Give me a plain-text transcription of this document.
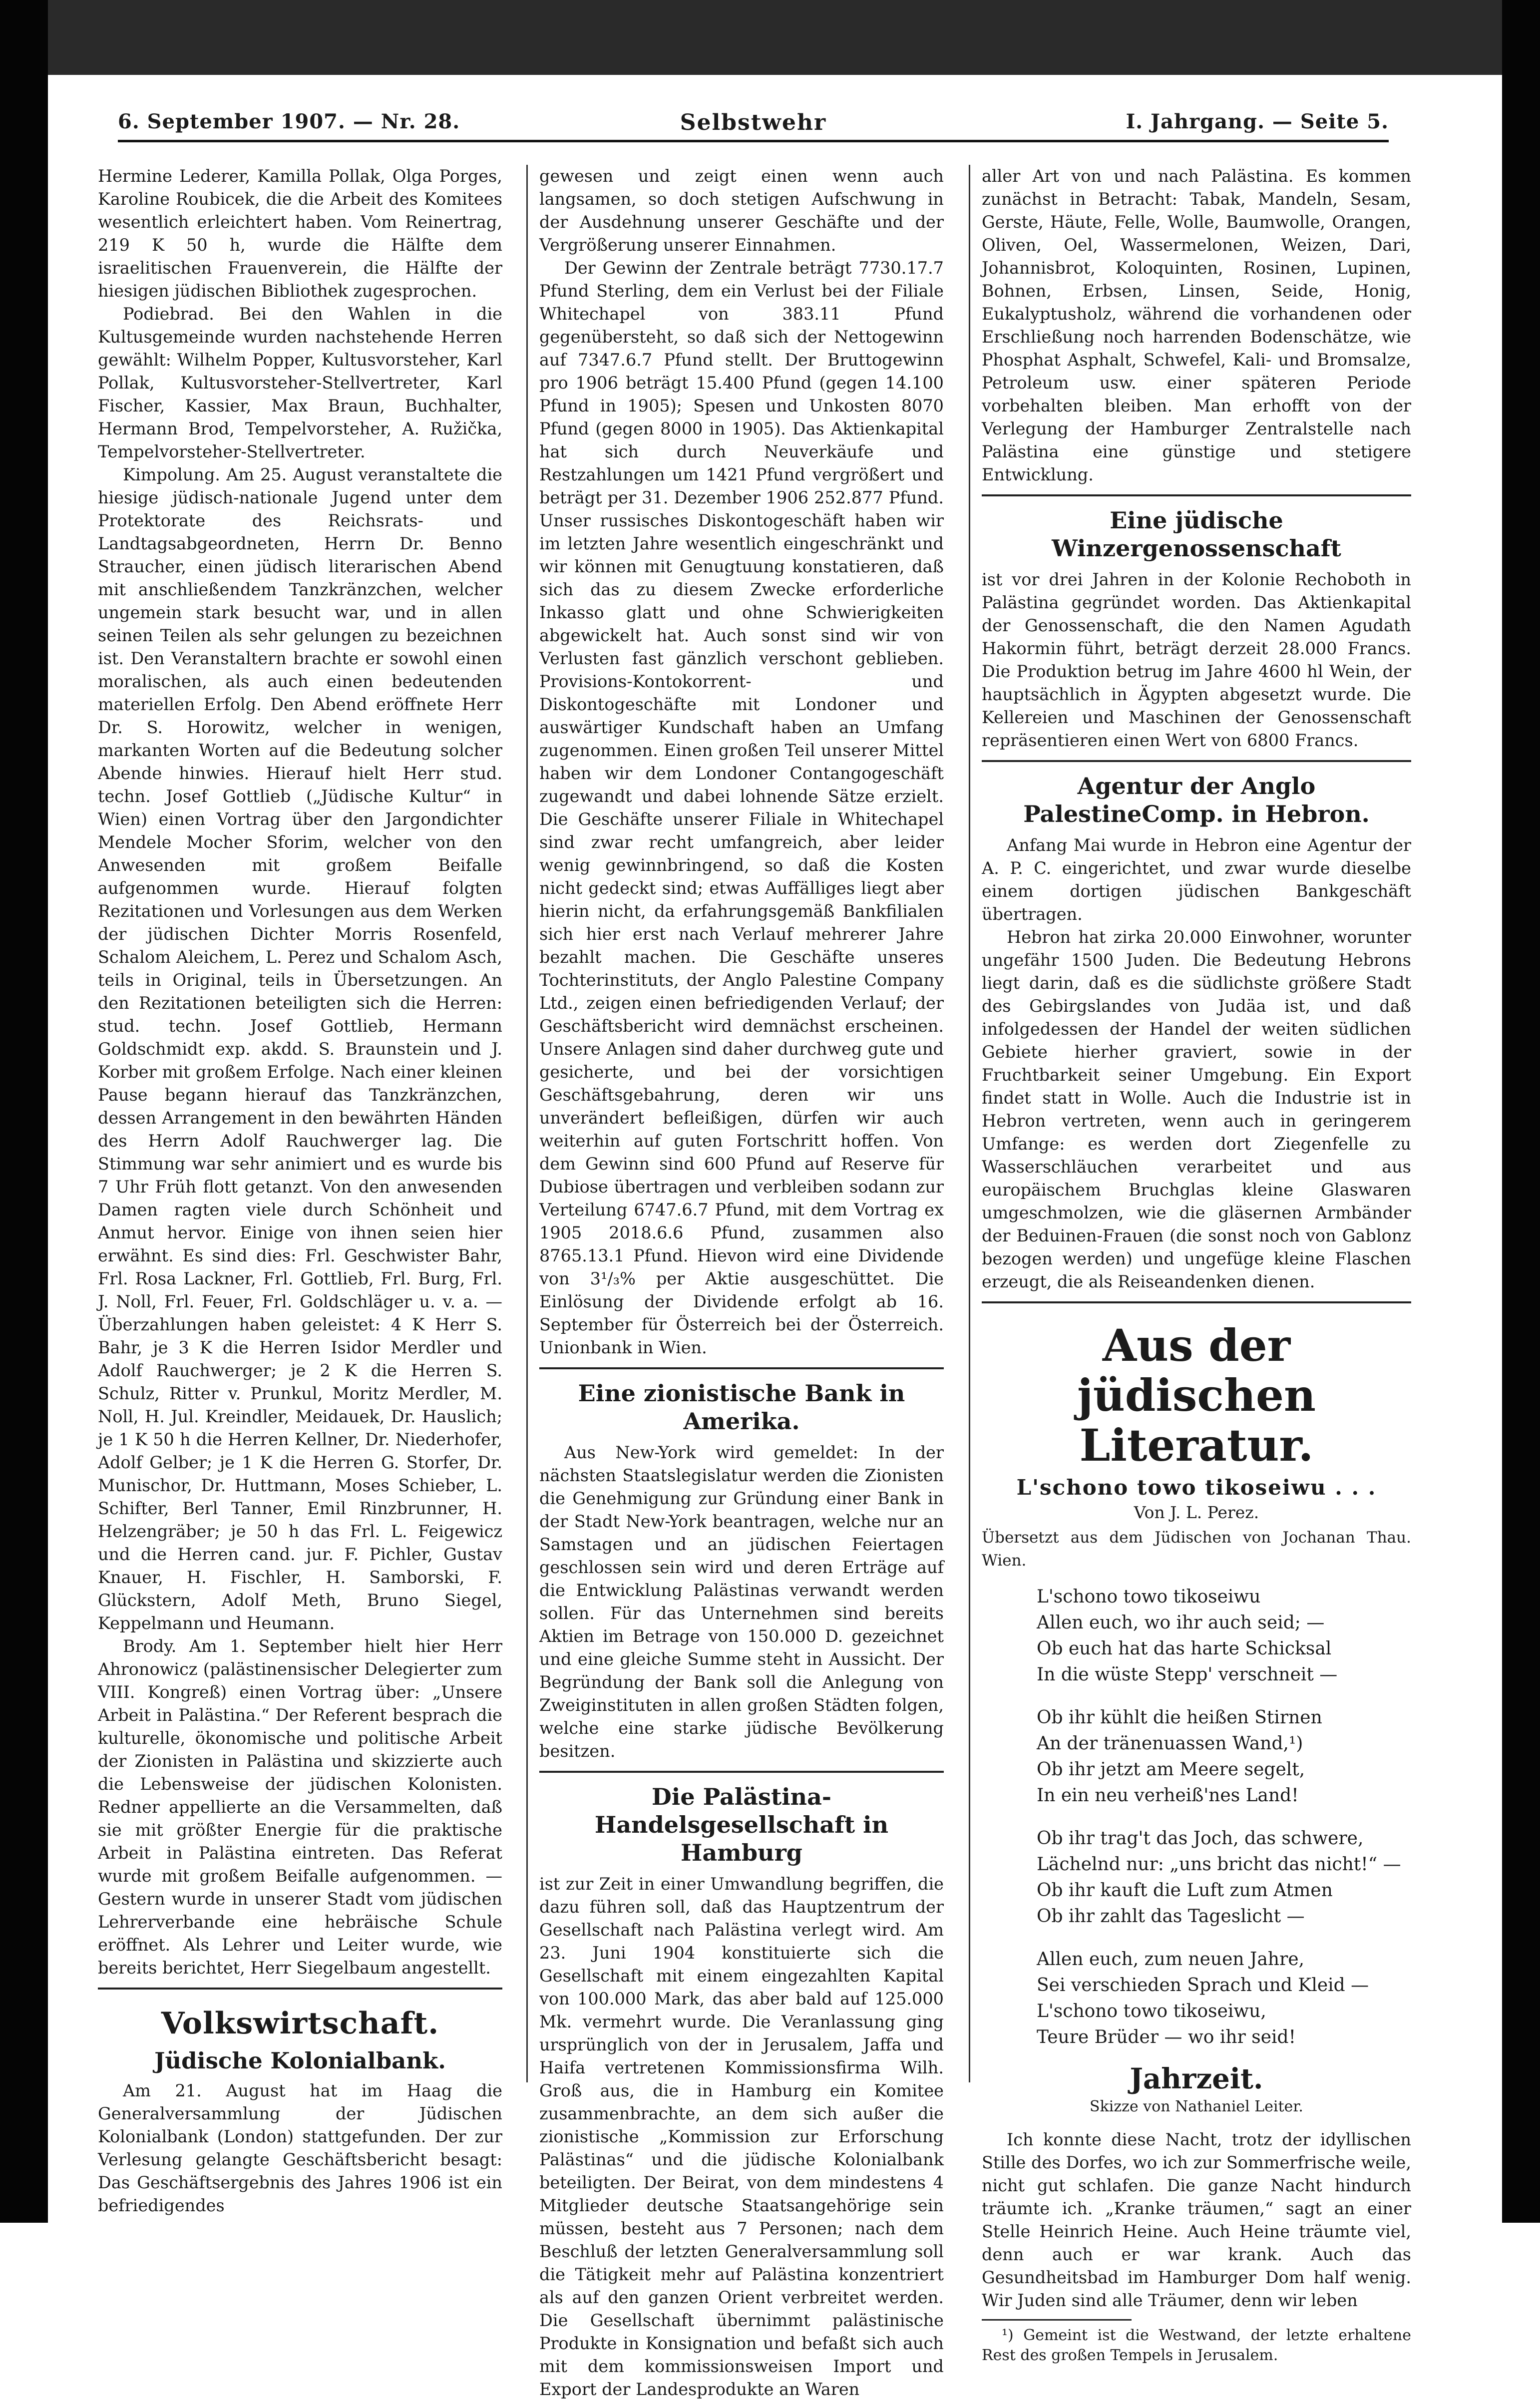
6. September 1907. — Nr. 28.	Selbstwehr	I. Jahrgang. — Seite 5.

Hermine Lederer, Kamilla Pollak, Olga Porges, Karoline Roubicek, die die Arbeit des Komitees wesentlich erleichtert haben. Vom Reinertrag, 219 K 50 h, wurde die Hälfte dem israelitischen Frauenverein, die Hälfte der hiesigen jüdischen Bibliothek zugesprochen.

Podiebrad. Bei den Wahlen in die Kultusgemeinde wurden nachstehende Herren gewählt: Wilhelm Popper, Kultusvorsteher, Karl Pollak, Kultusvorsteher-Stellvertreter, Karl Fischer, Kassier, Max Braun, Buchhalter, Hermann Brod, Tempelvorsteher, A. Ružička, Tempelvorsteher-Stellvertreter.

Kimpolung. Am 25. August veranstaltete die hiesige jüdisch-nationale Jugend unter dem Protektorate des Reichsrats- und Landtagsabgeordneten, Herrn Dr. Benno Straucher, einen jüdisch literarischen Abend mit anschließendem Tanzkränzchen, welcher ungemein stark besucht war, und in allen seinen Teilen als sehr gelungen zu bezeichnen ist. Den Veranstaltern brachte er sowohl einen moralischen, als auch einen bedeutenden materiellen Erfolg. Den Abend eröffnete Herr Dr. S. Horowitz, welcher in wenigen, markanten Worten auf die Bedeutung solcher Abende hinwies. Hierauf hielt Herr stud. techn. Josef Gottlieb („Jüdische Kultur“ in Wien) einen Vortrag über den Jargondichter Mendele Mocher Sforim, welcher von den Anwesenden mit großem Beifalle aufgenommen wurde. Hierauf folgten Rezitationen und Vorlesungen aus dem Werken der jüdischen Dichter Morris Rosenfeld, Schalom Aleichem, L. Perez und Schalom Asch, teils in Original, teils in Übersetzungen. An den Rezitationen beteiligten sich die Herren: stud. techn. Josef Gottlieb, Hermann Goldschmidt exp. akdd. S. Braunstein und J. Korber mit großem Erfolge. Nach einer kleinen Pause begann hierauf das Tanzkränzchen, dessen Arrangement in den bewährten Händen des Herrn Adolf Rauchwerger lag. Die Stimmung war sehr animiert und es wurde bis 7 Uhr Früh flott getanzt. Von den anwesenden Damen ragten viele durch Schönheit und Anmut hervor. Einige von ihnen seien hier erwähnt. Es sind dies: Frl. Geschwister Bahr, Frl. Rosa Lackner, Frl. Gottlieb, Frl. Burg, Frl. J. Noll, Frl. Feuer, Frl. Goldschläger u. v. a. — Überzahlungen haben geleistet: 4 K Herr S. Bahr, je 3 K die Herren Isidor Merdler und Adolf Rauchwerger; je 2 K die Herren S. Schulz, Ritter v. Prunkul, Moritz Merdler, M. Noll, H. Jul. Kreindler, Meidauek, Dr. Hauslich; je 1 K 50 h die Herren Kellner, Dr. Niederhofer, Adolf Gelber; je 1 K die Herren G. Storfer, Dr. Munischor, Dr. Huttmann, Moses Schieber, L. Schifter, Berl Tanner, Emil Rinzbrunner, H. Helzengräber; je 50 h das Frl. L. Feigewicz und die Herren cand. jur. F. Pichler, Gustav Knauer, H. Fischler, H. Samborski, F. Glückstern, Adolf Meth, Bruno Siegel, Keppelmann und Heumann.

Brody. Am 1. September hielt hier Herr Ahronowicz (palästinensischer Delegierter zum VIII. Kongreß) einen Vortrag über: „Unsere Arbeit in Palästina.“ Der Referent besprach die kulturelle, ökonomische und politische Arbeit der Zionisten in Palästina und skizzierte auch die Lebensweise der jüdischen Kolonisten. Redner appellierte an die Versammelten, daß sie mit größter Energie für die praktische Arbeit in Palästina eintreten. Das Referat wurde mit großem Beifalle aufgenommen. — Gestern wurde in unserer Stadt vom jüdischen Lehrerverbande eine hebräische Schule eröffnet. Als Lehrer und Leiter wurde, wie bereits berichtet, Herr Siegelbaum angestellt.

Volkswirtschaft.
Jüdische Kolonialbank.

Am 21. August hat im Haag die Generalversammlung der Jüdischen Kolonialbank (London) stattgefunden. Der zur Verlesung gelangte Geschäftsbericht besagt: Das Geschäftsergebnis des Jahres 1906 ist ein befriedigendes

gewesen und zeigt einen wenn auch langsamen, so doch stetigen Aufschwung in der Ausdehnung unserer Geschäfte und der Vergrößerung unserer Einnahmen.

Der Gewinn der Zentrale beträgt 7730.17.7 Pfund Sterling, dem ein Verlust bei der Filiale Whitechapel von 383.11 Pfund gegenübersteht, so daß sich der Nettogewinn auf 7347.6.7 Pfund stellt. Der Bruttogewinn pro 1906 beträgt 15.400 Pfund (gegen 14.100 Pfund in 1905); Spesen und Unkosten 8070 Pfund (gegen 8000 in 1905). Das Aktienkapital hat sich durch Neuverkäufe und Restzahlungen um 1421 Pfund vergrößert und beträgt per 31. Dezember 1906 252.877 Pfund. Unser russisches Diskontogeschäft haben wir im letzten Jahre wesentlich eingeschränkt und wir können mit Genugtuung konstatieren, daß sich das zu diesem Zwecke erforderliche Inkasso glatt und ohne Schwierigkeiten abgewickelt hat. Auch sonst sind wir von Verlusten fast gänzlich verschont geblieben. Provisions-Kontokorrent- und Diskontogeschäfte mit Londoner und auswärtiger Kundschaft haben an Umfang zugenommen. Einen großen Teil unserer Mittel haben wir dem Londoner Contangogeschäft zugewandt und dabei lohnende Sätze erzielt. Die Geschäfte unserer Filiale in Whitechapel sind zwar recht umfangreich, aber leider wenig gewinnbringend, so daß die Kosten nicht gedeckt sind; etwas Auffälliges liegt aber hierin nicht, da erfahrungsgemäß Bankfilialen sich hier erst nach Verlauf mehrerer Jahre bezahlt machen. Die Geschäfte unseres Tochterinstituts, der Anglo Palestine Company Ltd., zeigen einen befriedigenden Verlauf; der Geschäftsbericht wird demnächst erscheinen. Unsere Anlagen sind daher durchweg gute und gesicherte, und bei der vorsichtigen Geschäftsgebahrung, deren wir uns unverändert befleißigen, dürfen wir auch weiterhin auf guten Fortschritt hoffen. Von dem Gewinn sind 600 Pfund auf Reserve für Dubiose übertragen und verbleiben sodann zur Verteilung 6747.6.7 Pfund, mit dem Vortrag ex 1905 2018.6.6 Pfund, zusammen also 8765.13.1 Pfund. Hievon wird eine Dividende von 3¹/₃% per Aktie ausgeschüttet. Die Einlösung der Dividende erfolgt ab 16. September für Österreich bei der Österreich. Unionbank in Wien.

Eine zionistische Bank in Amerika.

Aus New-York wird gemeldet: In der nächsten Staatslegislatur werden die Zionisten die Genehmigung zur Gründung einer Bank in der Stadt New-York beantragen, welche nur an Samstagen und an jüdischen Feiertagen geschlossen sein wird und deren Erträge auf die Entwicklung Palästinas verwandt werden sollen. Für das Unternehmen sind bereits Aktien im Betrage von 150.000 D. gezeichnet und eine gleiche Summe steht in Aussicht. Der Begründung der Bank soll die Anlegung von Zweiginstituten in allen großen Städten folgen, welche eine starke jüdische Bevölkerung besitzen.

Die Palästina-Handelsgesellschaft in Hamburg

ist zur Zeit in einer Umwandlung begriffen, die dazu führen soll, daß das Hauptzentrum der Gesellschaft nach Palästina verlegt wird. Am 23. Juni 1904 konstituierte sich die Gesellschaft mit einem eingezahlten Kapital von 100.000 Mark, das aber bald auf 125.000 Mk. vermehrt wurde. Die Veranlassung ging ursprünglich von der in Jerusalem, Jaffa und Haifa vertretenen Kommissionsfirma Wilh. Groß aus, die in Hamburg ein Komitee zusammenbrachte, an dem sich außer die zionistische „Kommission zur Erforschung Palästinas“ und die jüdische Kolonialbank beteiligten. Der Beirat, von dem mindestens 4 Mitglieder deutsche Staatsangehörige sein müssen, besteht aus 7 Personen; nach dem Beschluß der letzten Generalversammlung soll die Tätigkeit mehr auf Palästina konzentriert als auf den ganzen Orient verbreitet werden. Die Gesellschaft übernimmt palästinische Produkte in Konsignation und befaßt sich auch mit dem kommissionsweisen Import und Export der Landesprodukte an Waren

aller Art von und nach Palästina. Es kommen zunächst in Betracht: Tabak, Mandeln, Sesam, Gerste, Häute, Felle, Wolle, Baumwolle, Orangen, Oliven, Oel, Wassermelonen, Weizen, Dari, Johannisbrot, Koloquinten, Rosinen, Lupinen, Bohnen, Erbsen, Linsen, Seide, Honig, Eukalyptusholz, während die vorhandenen oder Erschließung noch harrenden Bodenschätze, wie Phosphat Asphalt, Schwefel, Kali- und Bromsalze, Petroleum usw. einer späteren Periode vorbehalten bleiben. Man erhofft von der Verlegung der Hamburger Zentralstelle nach Palästina eine günstige und stetigere Entwicklung.

Eine jüdische Winzergenossenschaft

ist vor drei Jahren in der Kolonie Rechoboth in Palästina gegründet worden. Das Aktienkapital der Genossenschaft, die den Namen Agudath Hakormin führt, beträgt derzeit 28.000 Francs. Die Produktion betrug im Jahre 4600 hl Wein, der hauptsächlich in Ägypten abgesetzt wurde. Die Kellereien und Maschinen der Genossenschaft repräsentieren einen Wert von 6800 Francs.

Agentur der Anglo PalestineComp. in Hebron.

Anfang Mai wurde in Hebron eine Agentur der A. P. C. eingerichtet, und zwar wurde dieselbe einem dortigen jüdischen Bankgeschäft übertragen.

Hebron hat zirka 20.000 Einwohner, worunter ungefähr 1500 Juden. Die Bedeutung Hebrons liegt darin, daß es die südlichste größere Stadt des Gebirgslandes von Judäa ist, und daß infolgedessen der Handel der weiten südlichen Gebiete hierher graviert, sowie in der Fruchtbarkeit seiner Umgebung. Ein Export findet statt in Wolle. Auch die Industrie ist in Hebron vertreten, wenn auch in geringerem Umfange: es werden dort Ziegenfelle zu Wasserschläuchen verarbeitet und aus europäischem Bruchglas kleine Glaswaren umgeschmolzen, wie die gläsernen Armbänder der Beduinen-Frauen (die sonst noch von Gablonz bezogen werden) und ungefüge kleine Flaschen erzeugt, die als Reiseandenken dienen.

Aus der jüdischen Literatur.
L'schono towo tikoseiwu . . .
Von J. L. Perez.
Übersetzt aus dem Jüdischen von Jochanan Thau. Wien.
L'schono towo tikoseiwu
Allen euch, wo ihr auch seid; —
Ob euch hat das harte Schicksal
In die wüste Stepp' verschneit —
Ob ihr kühlt die heißen Stirnen
An der tränenuassen Wand,¹)
Ob ihr jetzt am Meere segelt,
In ein neu verheiß'nes Land!
Ob ihr trag't das Joch, das schwere,
Lächelnd nur: „uns bricht das nicht!“ —
Ob ihr kauft die Luft zum Atmen
Ob ihr zahlt das Tageslicht —
Allen euch, zum neuen Jahre,
Sei verschieden Sprach und Kleid —
L'schono towo tikoseiwu,
Teure Brüder — wo ihr seid!
Jahrzeit.
Skizze von Nathaniel Leiter.

Ich konnte diese Nacht, trotz der idyllischen Stille des Dorfes, wo ich zur Sommerfrische weile, nicht gut schlafen. Die ganze Nacht hindurch träumte ich. „Kranke träumen,“ sagt an einer Stelle Heinrich Heine. Auch Heine träumte viel, denn auch er war krank. Auch das Gesundheitsbad im Hamburger Dom half wenig. Wir Juden sind alle Träumer, denn wir leben

¹) Gemeint ist die Westwand, der letzte erhaltene Rest des großen Tempels in Jerusalem.
